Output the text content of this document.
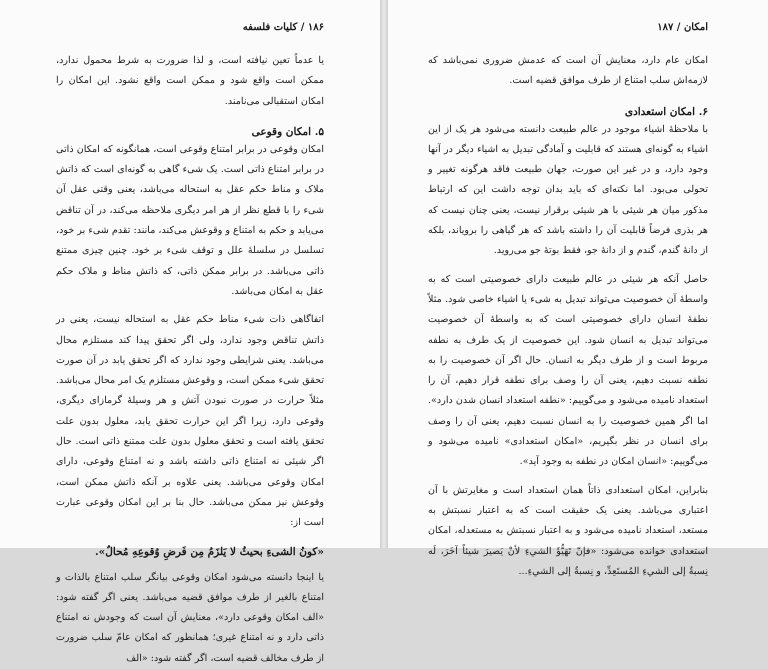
۱۸۶ / کلیات فلسفه

یا عدماً تعین نیافته است، و لذا ضرورت به شرط محمول ندارد، ممکن است واقع شود و ممکن است واقع نشود. این امکان را امکان استقبالی می‌نامند.

۵. امکان وقوعی

امکان وقوعی در برابر امتناع وقوعی است، همانگونه که امکان ذاتی در برابر امتناع ذاتی است. یک شیء گاهی به گونه‌ای است که ذاتش ملاک و مناط حکم عقل به استحاله می‌باشد، یعنی وقتی عقل آن شیء را با قطع نظر از هر امر دیگری ملاحظه می‌کند، در آن تناقض می‌یابد و حکم به امتناع و وقوعش می‌کند، مانند: تقدم شیء بر خود، تسلسل در سلسلهٔ علل و توقف شیء بر خود. چنین چیزی ممتنع ذاتی می‌باشد. در برابر ممکن ذاتی، که ذاتش مناط و ملاک حکم عقل به امکان می‌باشد.

اتفاگاهی ذات شیء مناط حکم عقل به استحاله نیست، یعنی در ذاتش تناقض وجود ندارد، ولی اگر تحقق پیدا کند مستلزم محال می‌باشد. یعنی شرایطی وجود ندارد که اگر تحقق یابد در آن صورت تحقق شیء ممکن است، و وقوعش مستلزم یک امر محال می‌باشد. مثلاً حرارت در صورت نبودن آتش و هر وسیلهٔ گرمازای دیگری، وقوعی دارد، زیرا اگر این حرارت تحقق یابد، معلول بدون علت تحقق یافته است و تحقق معلول بدون علت ممتنع ذاتی است. حال اگر شیئی نه امتناع ذاتی داشته باشد و نه امتناع وقوعی، دارای امکان وقوعی می‌باشد. یعنی علاوه بر آنکه ذاتش ممکن است، وقوعش نیز ممکن می‌باشد. حال بنا بر این امکان وقوعی عبارت است از:

«کونُ الشیءِ بحیثُ لا یَلزَمُ مِن فَرضِ وُقوعِهِ مُحالٌ».

یا اینجا دانسته می‌شود امکان وقوعی بیانگر سلب امتناع بالذات و امتناع بالغیر از طرف موافق قضیه می‌باشد. یعنی اگر گفته شود: «الف امکان وقوعی دارد»، معنایش آن است که وجودش نه امتناع ذاتی دارد و نه امتناع غیری؛ همانطور که امکان عامّ سلب ضرورت از طرف مخالف قضیه است، اگر گفته شود: «الف

امکان / ۱۸۷

امکان عام دارد، معنایش آن است که عدمش ضروری نمی‌باشد که لازمه‌اش سلب امتناع از طرف موافق قضیه است.

۶. امکان استعدادی

با ملاحظهٔ اشیاء موجود در عالم طبیعت دانسته می‌شود هر یک از این اشیاء به گونه‌ای هستند که قابلیت و آمادگی تبدیل به اشیاء دیگر در آنها وجود دارد، و در غیر این صورت، جهان طبیعت فاقد هرگونه تغییر و تحولی می‌بود. اما نکته‌ای که باید بدان توجه داشت این که ارتباط مذکور میان هر شیئی با هر شیئی برقرار نیست، یعنی چنان نیست که هر بذری فرضاً قابلیت آن را داشته باشد که هر گیاهی را برویاند، بلکه از دانهٔ گندم، گندم و از دانهٔ جو، فقط بوتهٔ جو می‌روید.

حاصل آنکه هر شیئی در عالم طبیعت دارای خصوصیتی است که به واسطهٔ آن خصوصیت می‌تواند تبدیل به شیء یا اشیاء خاصی شود. مثلاً نطفهٔ انسان دارای خصوصیتی است که به واسطهٔ آن خصوصیت می‌تواند تبدیل به انسان شود. این خصوصیت از یک طرف به نطفه مربوط است و از طرف دیگر به انسان. حال اگر آن خصوصیت را به نطفه نسبت دهیم، یعنی آن را وصف برای نطفه قرار دهیم، آن را استعداد نامیده می‌شود و می‌گوییم: «نطفه استعداد انسان شدن دارد». اما اگر همین خصوصیت را به انسان نسبت دهیم، یعنی آن را وصف برای انسان در نظر بگیریم، «امکان استعدادی» نامیده می‌شود و می‌گوییم: «انسان امکان در نطفه به وجود آید».

بنابراین، امکان استعدادی ذاتاً همان استعداد است و مغایرتش با آن اعتباری می‌باشد. یعنی یک حقیقت است که به اعتبار نسبتش به مستعد، استعداد نامیده می‌شود و به اعتبار نسبتش به مستعدله، امکان استعدادی خوانده می‌شود: «فإنّ تَهَيُّؤَ الشيءِ لأنْ يَصيرَ شيئاً آخَرَ، لَه نِسبةٌ إلى الشيءِ المُستَعِدِّ، و نِسبةٌ إلى الشيءِ...
